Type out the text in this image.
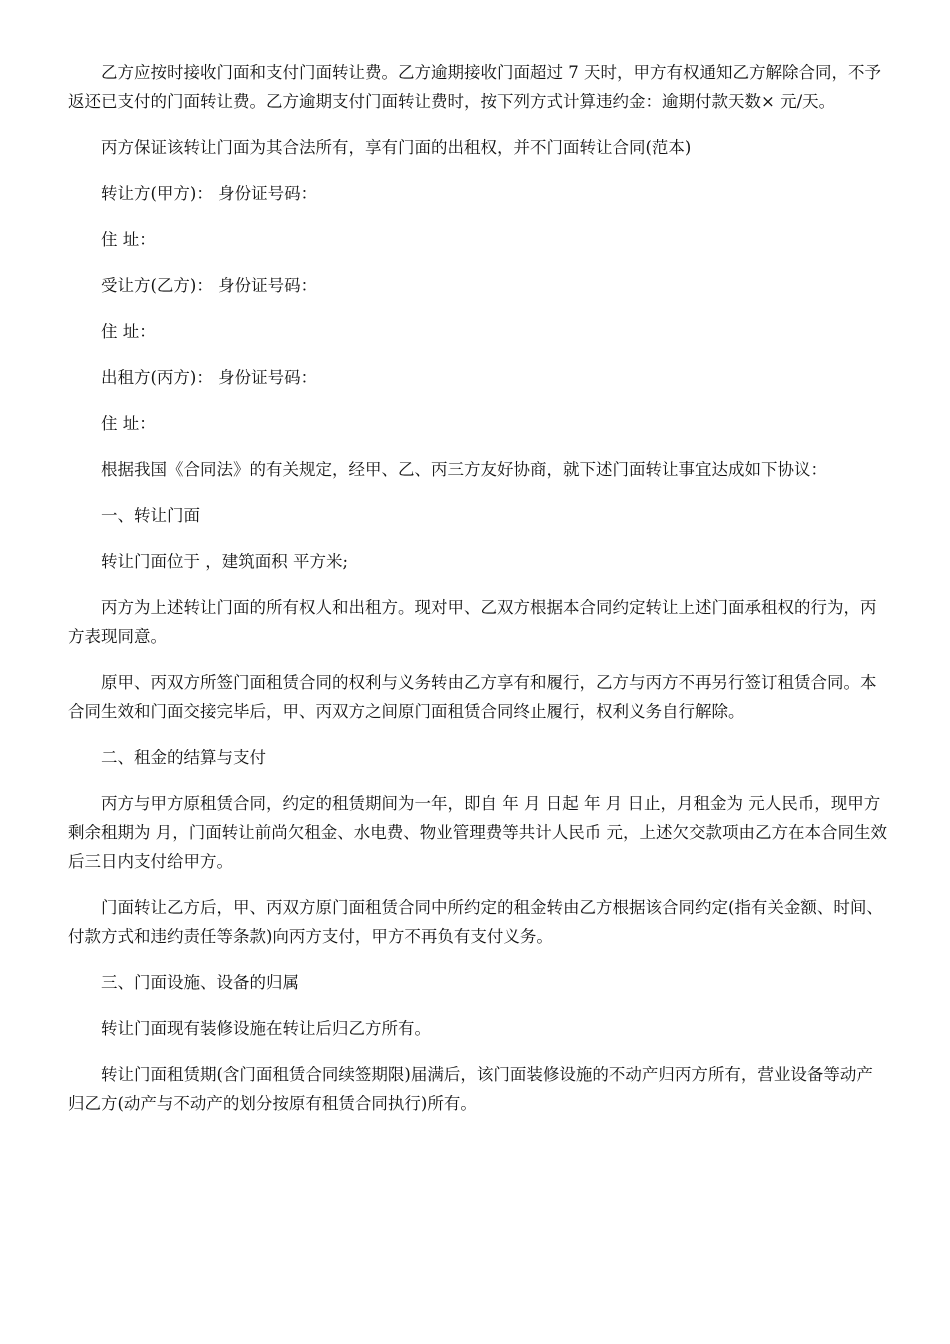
乙方应按时接收门面和支付门面转让费。乙方逾期接收门面超过 7 天时，甲方有权通知乙方解除合同，不予返还已支付的门面转让费。乙方逾期支付门面转让费时，按下列方式计算违约金：逾期付款天数× 元/天。

丙方保证该转让门面为其合法所有，享有门面的出租权，并不门面转让合同(范本)

转让方(甲方)： 身份证号码：

住 址：

受让方(乙方)： 身份证号码：

住 址：

出租方(丙方)： 身份证号码：

住 址：

根据我国《合同法》的有关规定，经甲、乙、丙三方友好协商，就下述门面转让事宜达成如下协议：

一、转让门面

转让门面位于 ，建筑面积 平方米;

丙方为上述转让门面的所有权人和出租方。现对甲、乙双方根据本合同约定转让上述门面承租权的行为，丙方表现同意。

原甲、丙双方所签门面租赁合同的权利与义务转由乙方享有和履行，乙方与丙方不再另行签订租赁合同。本合同生效和门面交接完毕后，甲、丙双方之间原门面租赁合同终止履行，权利义务自行解除。

二、租金的结算与支付

丙方与甲方原租赁合同，约定的租赁期间为一年，即自 年 月 日起 年 月 日止，月租金为 元人民币，现甲方剩余租期为 月，门面转让前尚欠租金、水电费、物业管理费等共计人民币 元，上述欠交款项由乙方在本合同生效后三日内支付给甲方。

门面转让乙方后，甲、丙双方原门面租赁合同中所约定的租金转由乙方根据该合同约定(指有关金额、时间、付款方式和违约责任等条款)向丙方支付，甲方不再负有支付义务。

三、门面设施、设备的归属

转让门面现有装修设施在转让后归乙方所有。

转让门面租赁期(含门面租赁合同续签期限)届满后，该门面装修设施的不动产归丙方所有，营业设备等动产归乙方(动产与不动产的划分按原有租赁合同执行)所有。
